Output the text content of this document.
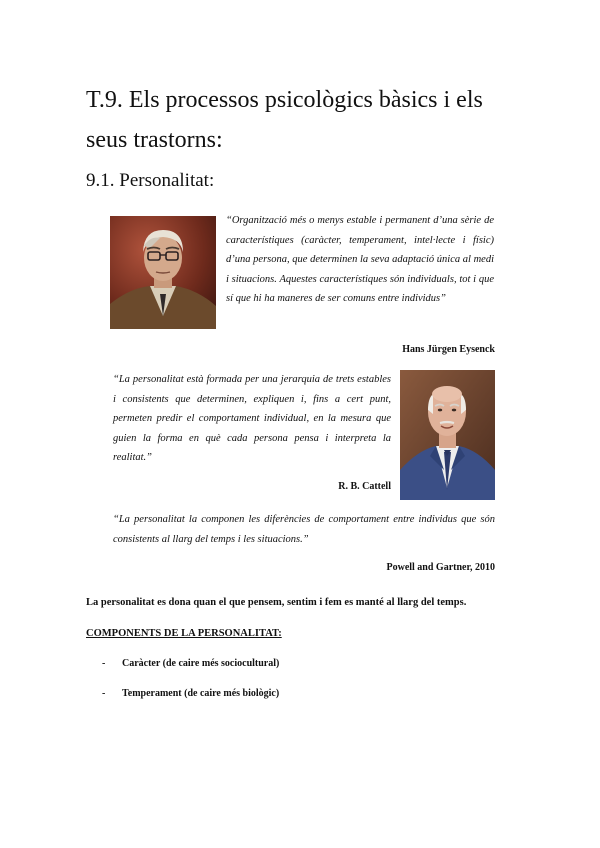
T.9. Els processos psicològics bàsics i els seus trastorns:
9.1. Personalitat:

“Organització més o menys estable i permanent d’una sèrie de característiques (caràcter, temperament, intel·lecte i físic) d’una persona, que determinen la seva adaptació única al medi i situacions. Aquestes característiques són individuals, tot i que sí que hi ha maneres de ser comuns entre individus”

Hans Jürgen Eysenck

“La personalitat està formada per una jerarquia de trets estables i consistents que determinen, expliquen i, fins a cert punt, permeten predir el comportament individual, en la mesura que guien la forma en què cada persona pensa i interpreta la realitat.”

R. B. Cattell

“La personalitat la componen les diferències de comportament entre individus que són consistents al llarg del temps i les situacions.”

Powell and Gartner, 2010

La personalitat es dona quan el que pensem, sentim i fem es manté al llarg del temps.

COMPONENTS DE LA PERSONALITAT:

-	Caràcter (de caire més sociocultural)
-	Temperament (de caire més biològic)
